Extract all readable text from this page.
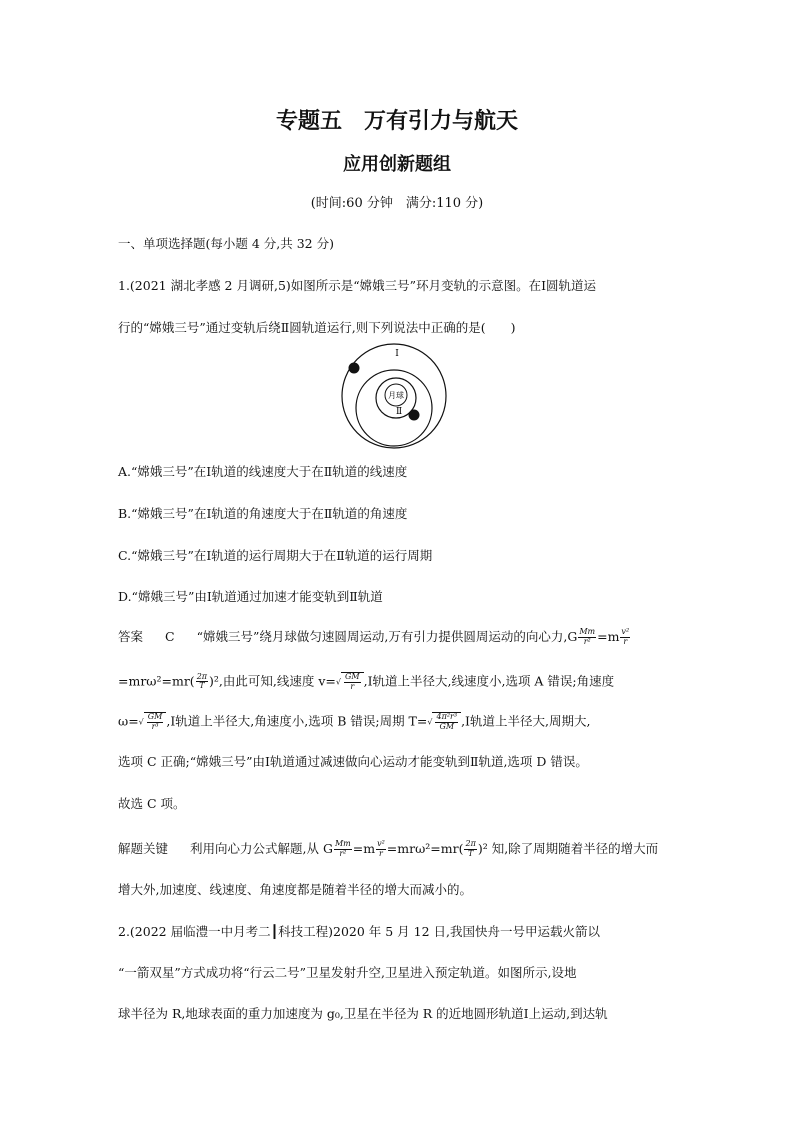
专题五　万有引力与航天
应用创新题组
(时间:60 分钟　满分:110 分)
一、单项选择题(每小题 4 分,共 32 分)
1.(2021 湖北孝感 2 月调研,5)如图所示是“嫦娥三号”环月变轨的示意图。在Ⅰ圆轨道运
行的“嫦娥三号”通过变轨后绕Ⅱ圆轨道运行,则下列说法中正确的是(　　)
Ⅰ
Ⅱ
月球
A.“嫦娥三号”在Ⅰ轨道的线速度大于在Ⅱ轨道的线速度
B.“嫦娥三号”在Ⅰ轨道的角速度大于在Ⅱ轨道的角速度
C.“嫦娥三号”在Ⅰ轨道的运行周期大于在Ⅱ轨道的运行周期
D.“嫦娥三号”由Ⅰ轨道通过加速才能变轨到Ⅱ轨道
答案 C “嫦娥三号”绕月球做匀速圆周运动,万有引力提供圆周运动的向心力$,G \frac{Mm}{\text{r²}} =m \frac{\text{v²}}{r}$
$=mr\omega^2=mr( \frac{2\pi}{T} )^2$,由此可知,线速度 $v=√ \frac{GM}{r}$ ,Ⅰ轨道上半径大,线速度小,选项 A 错误;角速度
$\omega=√ \frac{GM}{\text{r³}}$ ,Ⅰ轨道上半径大,角速度小,选项 B 错误;周期 $T=√ \frac{\text{4π²r³}}{GM}$ ,Ⅰ轨道上半径大,周期大,
选项 C 正确;“嫦娥三号”由Ⅰ轨道通过减速做向心运动才能变轨到Ⅱ轨道,选项 D 错误。
故选 C 项。
解题关键 利用向心力公式解题,从 G $\frac{Mm}{\text{r²}} =m \frac{\text{v²}}{r} =mr\omega^2=mr( \frac{2\pi}{T} )^2$ 知,除了周期随着半径的增大而
增大外,加速度、线速度、角速度都是随着半径的增大而减小的。
2.(2022 届临澧一中月考二┃科技工程)2020 年 5 月 12 日,我国快舟一号甲运载火箭以
“一箭双星”方式成功将“行云二号”卫星发射升空,卫星进入预定轨道。如图所示,设地
球半径为 R,地球表面的重力加速度为 g₀,卫星在半径为 R 的近地圆形轨道Ⅰ上运动,到达轨
